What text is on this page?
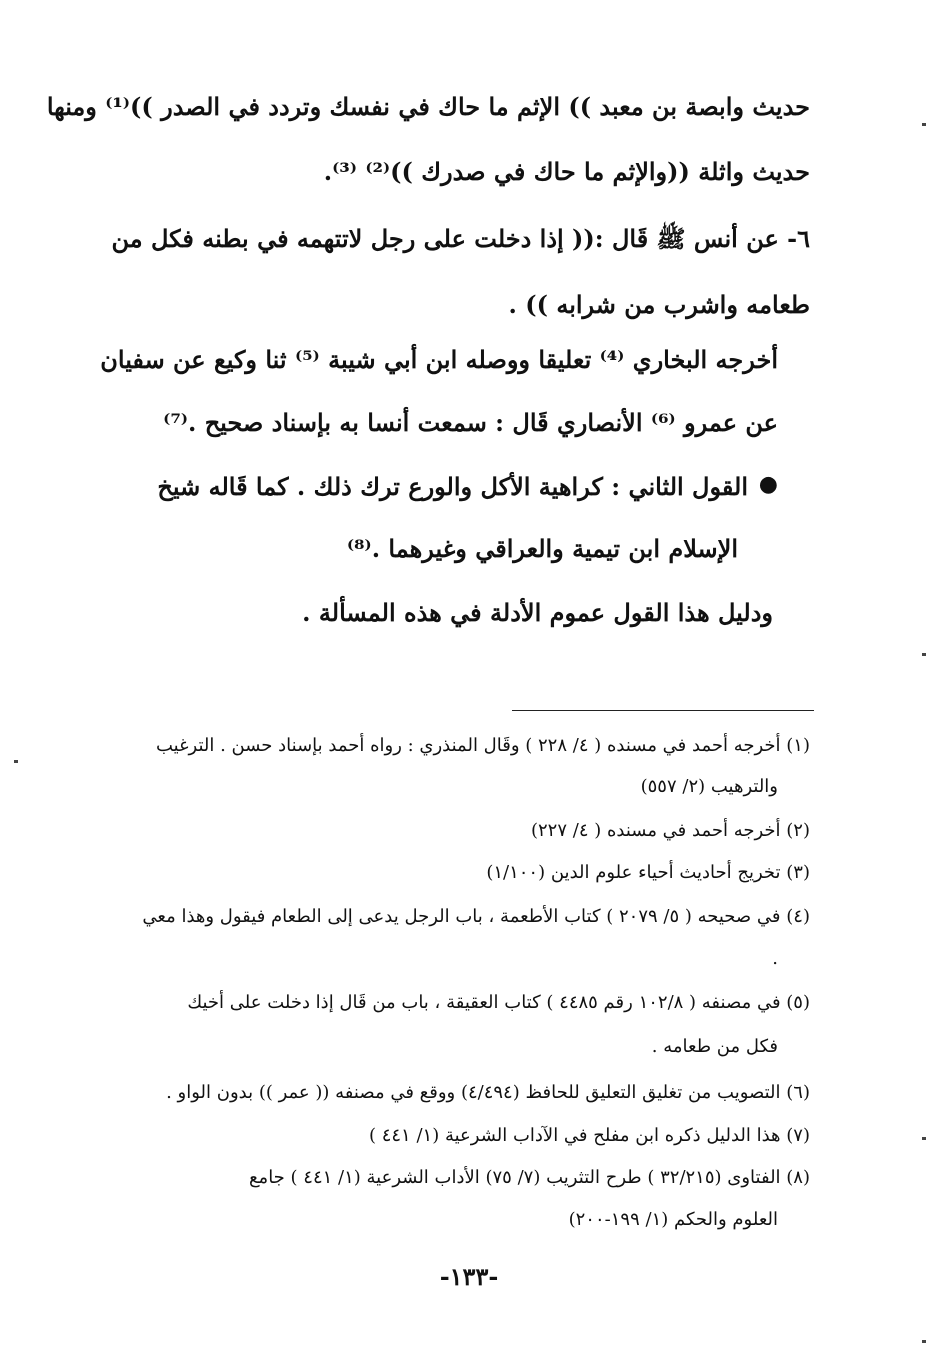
حديث وابصة بن معبد )) الإثم ما حاك في نفسك وتردد في الصدر ))⁽¹⁾ ومنها
حديث واثلة ((والإثم ما حاك في صدرك ))⁽²⁾ ⁽³⁾.
٦- عن أنس ﷺ قَال :(( إذا دخلت على رجل لاتتهمه في بطنه فكل من
طعامه واشرب من شرابه )) .
أخرجه البخاري ⁽⁴⁾ تعليقا ووصله ابن أبي شيبة ⁽⁵⁾ ثنا وكيع عن سفيان
عن عمرو ⁽⁶⁾ الأنصاري قَال : سمعت أنسا به بإسناد صحيح .⁽⁷⁾
●
القول الثاني : كراهية الأكل والورع ترك ذلك . كما قَاله شيخ
الإسلام ابن تيمية والعراقي وغيرهما .⁽⁸⁾
ودليل هذا القول عموم الأدلة في هذه المسألة .
(١) أخرجه أحمد في مسنده ( ٤/ ٢٢٨ ) وقَال المنذري : رواه أحمد بإسناد حسن . الترغيب
والترهيب (٢/ ٥٥٧)
(٢) أخرجه أحمد في مسنده ( ٤/ ٢٢٧)
(٣) تخريج أحاديث أحياء علوم الدين (١/١٠٠)
(٤) في صحيحه ( ٥/ ٢٠٧٩ ) كتاب الأطعمة ، باب الرجل يدعى إلى الطعام فيقول وهذا معي
.
(٥) في مصنفه ( ١٠٢/٨ رقم ٤٤٨٥ ) كتاب العقيقة ، باب من قَال إذا دخلت على أخيك
فكل من طعامه .
(٦) التصويب من تغليق التعليق للحافظ (٤/٤٩٤) ووقع في مصنفه (( عمر )) بدون الواو .
(٧) هذا الدليل ذكره ابن مفلح في الآداب الشرعية (١/ ٤٤١ )
(٨) الفتاوى (٣٢/٢١٥ ) طرح التثريب (٧/ ٧٥) الأداب الشرعية (١/ ٤٤١ ) جامع
العلوم والحكم (١/ ١٩٩-٢٠٠)
-١٣٣-
